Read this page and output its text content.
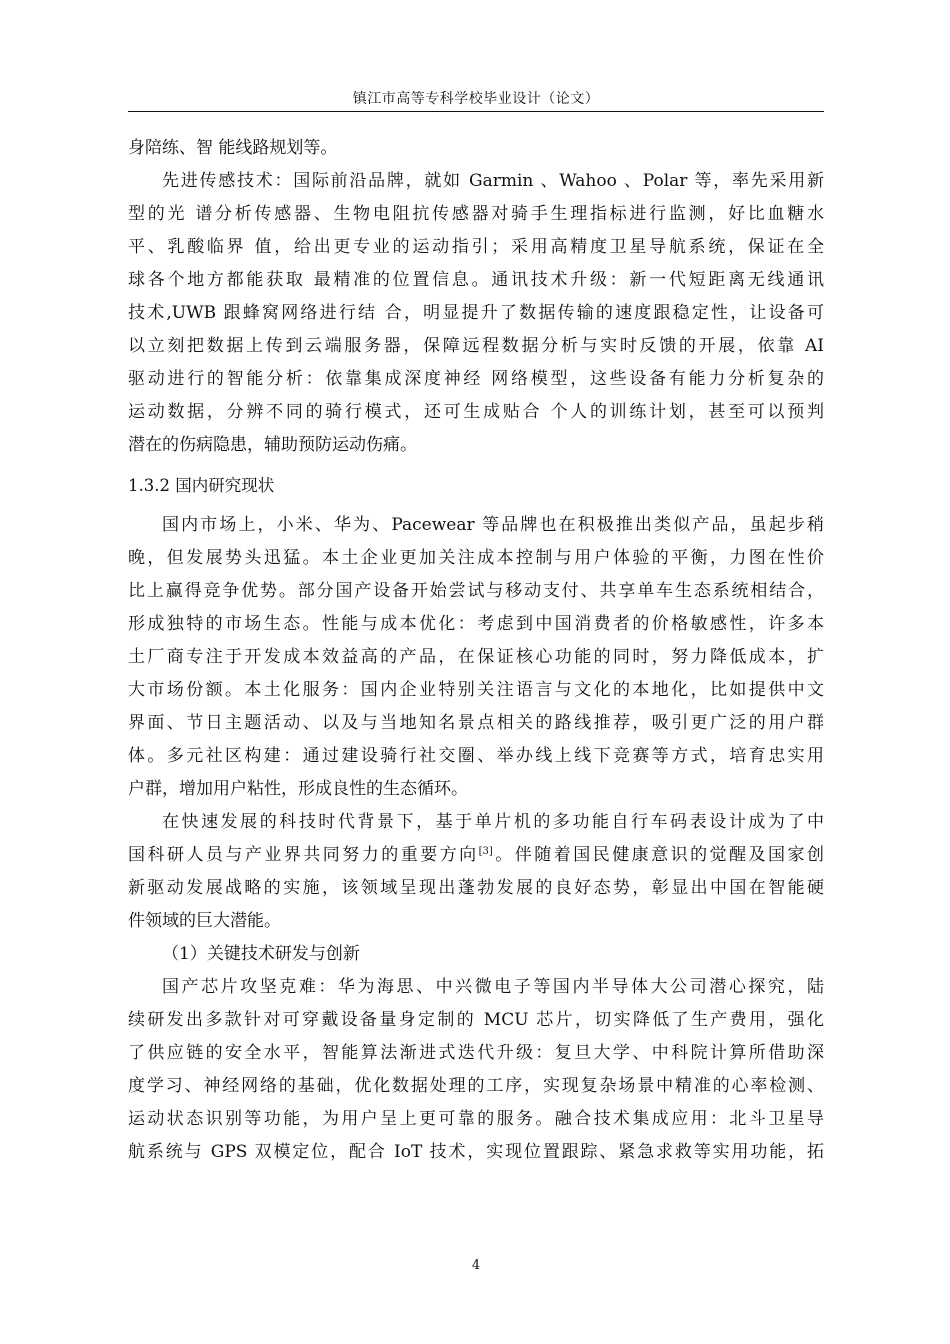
镇江市高等专科学校毕业设计（论文）
身陪练、智 能线路规划等。
先进传感技术：国际前沿品牌，就如 Garmin 、Wahoo 、Polar 等，率先采用新
型的光 谱分析传感器、生物电阻抗传感器对骑手生理指标进行监测，好比血糖水
平、乳酸临界 值，给出更专业的运动指引；采用高精度卫星导航系统，保证在全
球各个地方都能获取 最精准的位置信息。通讯技术升级：新一代短距离无线通讯
技术,UWB 跟蜂窝网络进行结 合，明显提升了数据传输的速度跟稳定性，让设备可
以立刻把数据上传到云端服务器，保障远程数据分析与实时反馈的开展，依靠 AI
驱动进行的智能分析：依靠集成深度神经 网络模型，这些设备有能力分析复杂的
运动数据，分辨不同的骑行模式，还可生成贴合 个人的训练计划，甚至可以预判
潜在的伤病隐患，辅助预防运动伤痛。
1.3.2 国内研究现状
国内市场上，小米、华为、Pacewear 等品牌也在积极推出类似产品，虽起步稍
晚，但发展势头迅猛。本土企业更加关注成本控制与用户体验的平衡，力图在性价
比上赢得竞争优势。部分国产设备开始尝试与移动支付、共享单车生态系统相结合，
形成独特的市场生态。性能与成本优化：考虑到中国消费者的价格敏感性，许多本
土厂商专注于开发成本效益高的产品，在保证核心功能的同时，努力降低成本，扩
大市场份额。本土化服务：国内企业特别关注语言与文化的本地化，比如提供中文
界面、节日主题活动、以及与当地知名景点相关的路线推荐，吸引更广泛的用户群
体。多元社区构建：通过建设骑行社交圈、举办线上线下竞赛等方式，培育忠实用
户群，增加用户粘性，形成良性的生态循环。
在快速发展的科技时代背景下，基于单片机的多功能自行车码表设计成为了中
国科研人员与产业界共同努力的重要方向[3]。伴随着国民健康意识的觉醒及国家创
新驱动发展战略的实施，该领域呈现出蓬勃发展的良好态势，彰显出中国在智能硬
件领域的巨大潜能。
（1）关键技术研发与创新
国产芯片攻坚克难：华为海思、中兴微电子等国内半导体大公司潜心探究，陆
续研发出多款针对可穿戴设备量身定制的 MCU 芯片，切实降低了生产费用，强化
了供应链的安全水平，智能算法渐进式迭代升级：复旦大学、中科院计算所借助深
度学习、神经网络的基础，优化数据处理的工序，实现复杂场景中精准的心率检测、
运动状态识别等功能，为用户呈上更可靠的服务。融合技术集成应用：北斗卫星导
航系统与 GPS 双模定位，配合 IoT 技术，实现位置跟踪、紧急求救等实用功能，拓
4
